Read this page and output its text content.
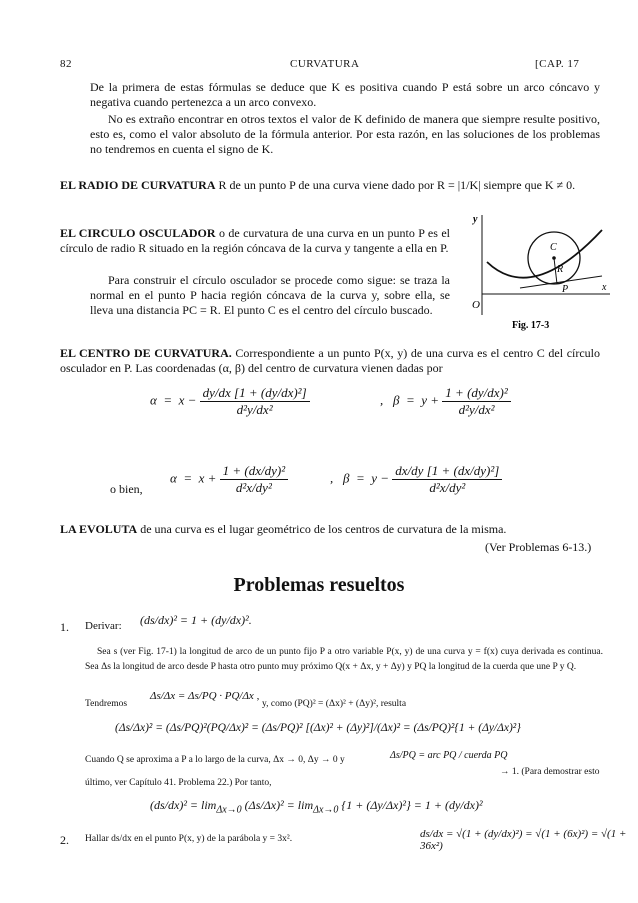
82	CURVATURA	[CAP. 17

De la primera de estas fórmulas se deduce que K es positiva cuando P está sobre un arco cóncavo y negativa cuando pertenezca a un arco convexo.

No es extraño encontrar en otros textos el valor de K definido de manera que siempre resulte positivo, esto es, como el valor absoluto de la fórmula anterior. Por esta razón, en las soluciones de los problemas no tendremos en cuenta el signo de K.

EL RADIO DE CURVATURA R de un punto P de una curva viene dado por R = |1/K| siempre que K ≠ 0.

EL CIRCULO OSCULADOR o de curvatura de una curva en un punto P es el círculo de radio R situado en la región cóncava de la curva y tangente a ella en P.

Para construir el círculo osculador se procede como sigue: se traza la normal en el punto P hacia región cóncava de la curva y, sobre ella, se lleva una distancia PC = R. El punto C es el centro del círculo buscado.

y
x
O
C
R
P
Fig. 17-3

EL CENTRO DE CURVATURA. Correspondiente a un punto P(x, y) de una curva es el centro C del círculo osculador en P. Las coordenadas (α, β) del centro de curvatura vienen dadas por

$\alpha = x - \frac{\text{dy/dx [1 + (dy/dx)²]}}{\text{d²y/dx²}}$	,   $\beta = y + \frac{\text{1 + (dy/dx)²}}{\text{d²y/dx²}}$
o bien,
$\alpha = x + \frac{\text{1 + (dx/dy)²}}{\text{d²x/dy²}}$	,   $\beta = y - \frac{\text{dx/dy [1 + (dx/dy)²]}}{\text{d²x/dy²}}$

LA EVOLUTA de una curva es el lugar geométrico de los centros de curvatura de la misma.

(Ver Problemas 6-13.)
Problemas resueltos
1. Derivar: (ds/dx)² = 1 + (dy/dx)².

Sea s (ver Fig. 17-1) la longitud de arco de un punto fijo P a otro variable P(x, y) de una curva y = f(x) cuya derivada es continua. Sea Δs la longitud de arco desde P hasta otro punto muy próximo Q(x + Δx, y + Δy) y PQ la longitud de la cuerda que une P y Q.

Tendremos
Δs/Δx = Δs/PQ · PQ/Δx ,
y, como (PQ)² = (Δx)² + (Δy)², resulta
(Δs/Δx)² = (Δs/PQ)²(PQ/Δx)² = (Δs/PQ)² [(Δx)² + (Δy)²]/(Δx)² = (Δs/PQ)²{1 + (Δy/Δx)²}
Cuando Q se aproxima a P a lo largo de la curva, Δx → 0, Δy → 0 y	Δs/PQ = arc PQ / cuerda PQ
→ 1. (Para demostrar esto
último, ver Capítulo 41. Problema 22.) Por tanto,
$(ds/dx)^2 = \lim_{\Delta x\to 0} (\Delta s/\Delta x)^2 = \lim_{\Delta x\to 0} \{1 + (\Delta y/\Delta x)^2\} = 1 + (dy/dx)^2$
2. Hallar ds/dx en el punto P(x, y) de la parábola y = 3x².	ds/dx = √(1 + (dy/dx)²) = √(1 + (6x)²) = √(1 + 36x²)
